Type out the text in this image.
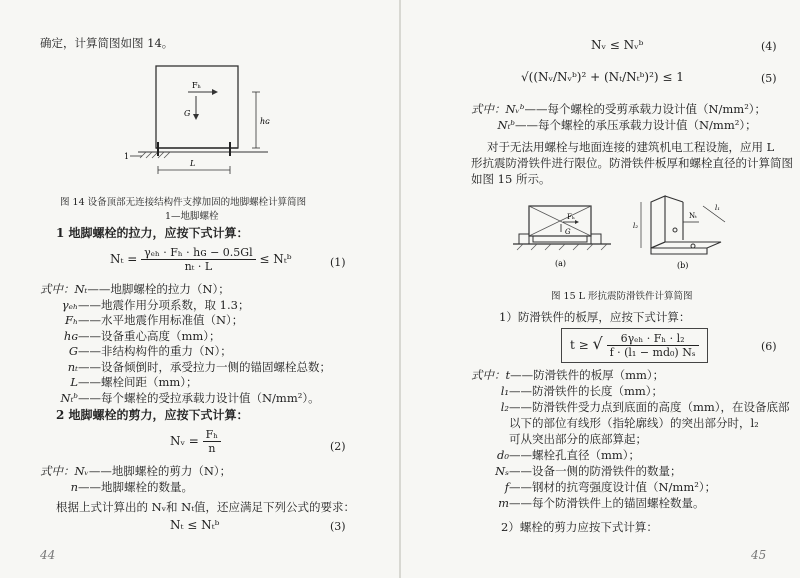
确定，计算简图如图 14。
Fₕ
G
hɢ
L
1
图 14 设备顶部无连接结构件支撑加固的地脚螺栓计算简图
1—地脚螺栓
1 地脚螺栓的拉力，应按下式计算：
$N_t = \frac{\text{γₑₕ · Fₕ · hɢ − 0.5Gl}}{\text{nₜ · L}}$ ≤ Nₜᵇ	(1)
式中：Nₜ——地脚螺栓的拉力（N）；
γₑₕ——地震作用分项系数，取 1.3；
Fₕ——水平地震作用标准值（N）；
hɢ——设备重心高度（mm）；
G——非结构构件的重力（N）；
nₜ——设备倾倒时，承受拉力一侧的锚固螺栓总数；
L——螺栓间距（mm）；
Nₜᵇ——每个螺栓的受拉承载力设计值（N/mm²）。
2 地脚螺栓的剪力，应按下式计算：
Nᵥ = $\frac{\text{Fₕ}}{n}$	(2)
式中：Nᵥ——地脚螺栓的剪力（N）；
n——地脚螺栓的数量。
根据上式计算出的 Nᵥ和 Nₜ值，还应满足下列公式的要求：
Nₜ ≤ Nₜᵇ	(3)
44
Nᵥ ≤ Nᵥᵇ	(4)
√((Nᵥ/Nᵥᵇ)² + (Nₜ/Nₜᵇ)²) ≤ 1	(5)
式中：Nᵥᵇ——每个螺栓的受剪承载力设计值（N/mm²）；
Nₜᵇ——每个螺栓的承压承载力设计值（N/mm²）；
对于无法用螺栓与地面连接的建筑机电工程设施，应用 L
形抗震防滑铁件进行限位。防滑铁件板厚和螺栓直径的计算简图
如图 15 所示。
Fₕ
G
(a)
Nₜ
l₁
l₂
(b)
图 15 L 形抗震防滑铁件计算简图
1）防滑铁件的板厚，应按下式计算：
t ≥ √ $\frac{\text{6γₑₕ · Fₕ · l₂}}{\text{f · (l₁ − md₀) Nₛ}}$	(6)
式中：t——防滑铁件的板厚（mm）；
l₁——防滑铁件的长度（mm）；
l₂——防滑铁件受力点到底面的高度（mm），在设备底部
以下的部位有线形（指轮廓线）的突出部分时，l₂
可从突出部分的底部算起；
d₀——螺栓孔直径（mm）；
Nₛ——设备一侧的防滑铁件的数量；
f——钢材的抗弯强度设计值（N/mm²）；
m——每个防滑铁件上的锚固螺栓数量。
2）螺栓的剪力应按下式计算：
45
